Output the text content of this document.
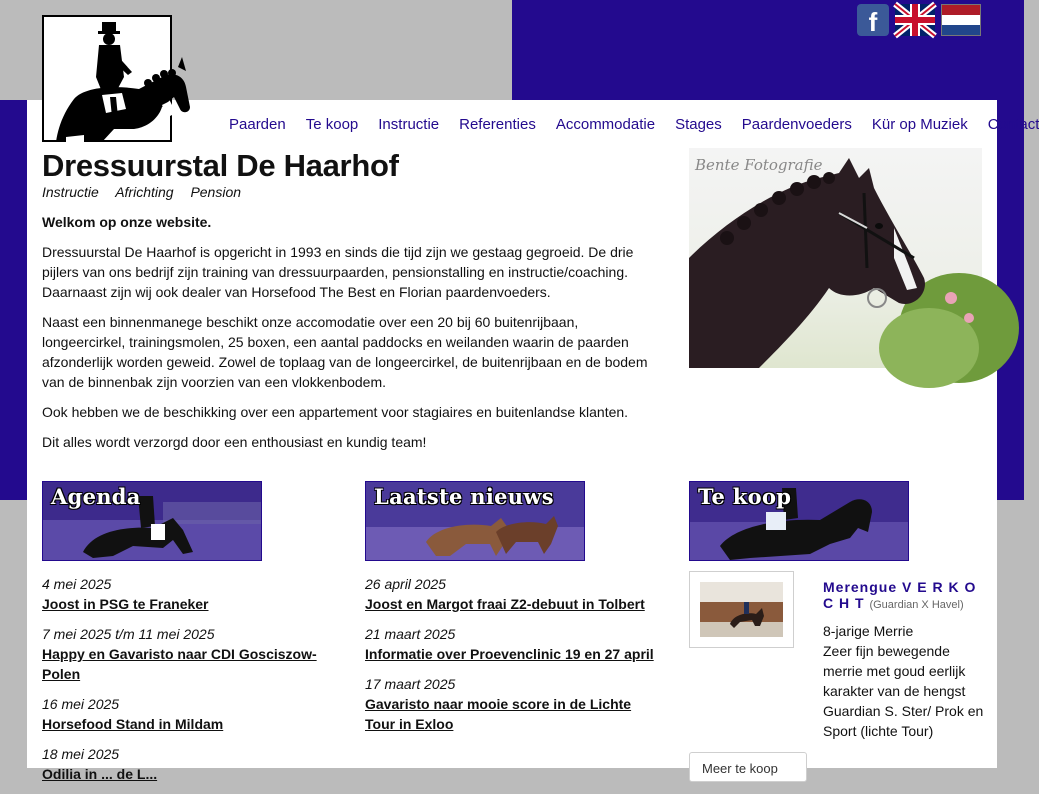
f
Paarden Te koop Instructie Referenties Accommodatie Stages Paardenvoeders Kür op Muziek Contact
Dressuurstal De Haarhof
Instructie Africhting Pension

Welkom op onze website.

Dressuurstal De Haarhof is opgericht in 1993 en sinds die tijd zijn we gestaag gegroeid. De drie pijlers van ons bedrijf zijn training van dressuurpaarden, pensionstalling en instructie/coaching. Daarnaast zijn wij ook dealer van Horsefood The Best en Florian paardenvoeders.

Naast een binnenmanege beschikt onze accomodatie over een 20 bij 60 buitenrijbaan, longeercirkel, trainingsmolen, 25 boxen, een aantal paddocks en weilanden waarin de paarden afzonderlijk worden geweid. Zowel de toplaag van de longeercirkel, de buitenrijbaan en de bodem van de binnenbak zijn voorzien van een vlokkenbodem.

Ook hebben we de beschikking over een appartement voor stagiaires en buitenlandse klanten.

Dit alles wordt verzorgd door een enthousiast en kundig team!

Bente Fotografie
Agenda
4 mei 2025
Joost in PSG te Franeker
7 mei 2025 t/m 11 mei 2025
Happy en Gavaristo naar CDI Gosciszow-Polen
16 mei 2025
Horsefood Stand in Mildam
18 mei 2025
Odilia in ... de L...
Laatste nieuws
26 april 2025
Joost en Margot fraai Z2-debuut in Tolbert
21 maart 2025
Informatie over Proevenclinic 19 en 27 april
17 maart 2025
Gavaristo naar mooie score in de Lichte Tour in Exloo
Te koop
Merengue V E R K O C H T (Guardian X Havel)
8-jarige Merrie
Zeer fijn bewegende merrie met goud eerlijk karakter van de hengst Guardian S. Ster/ Prok en Sport (lichte Tour)
Meer te koop
